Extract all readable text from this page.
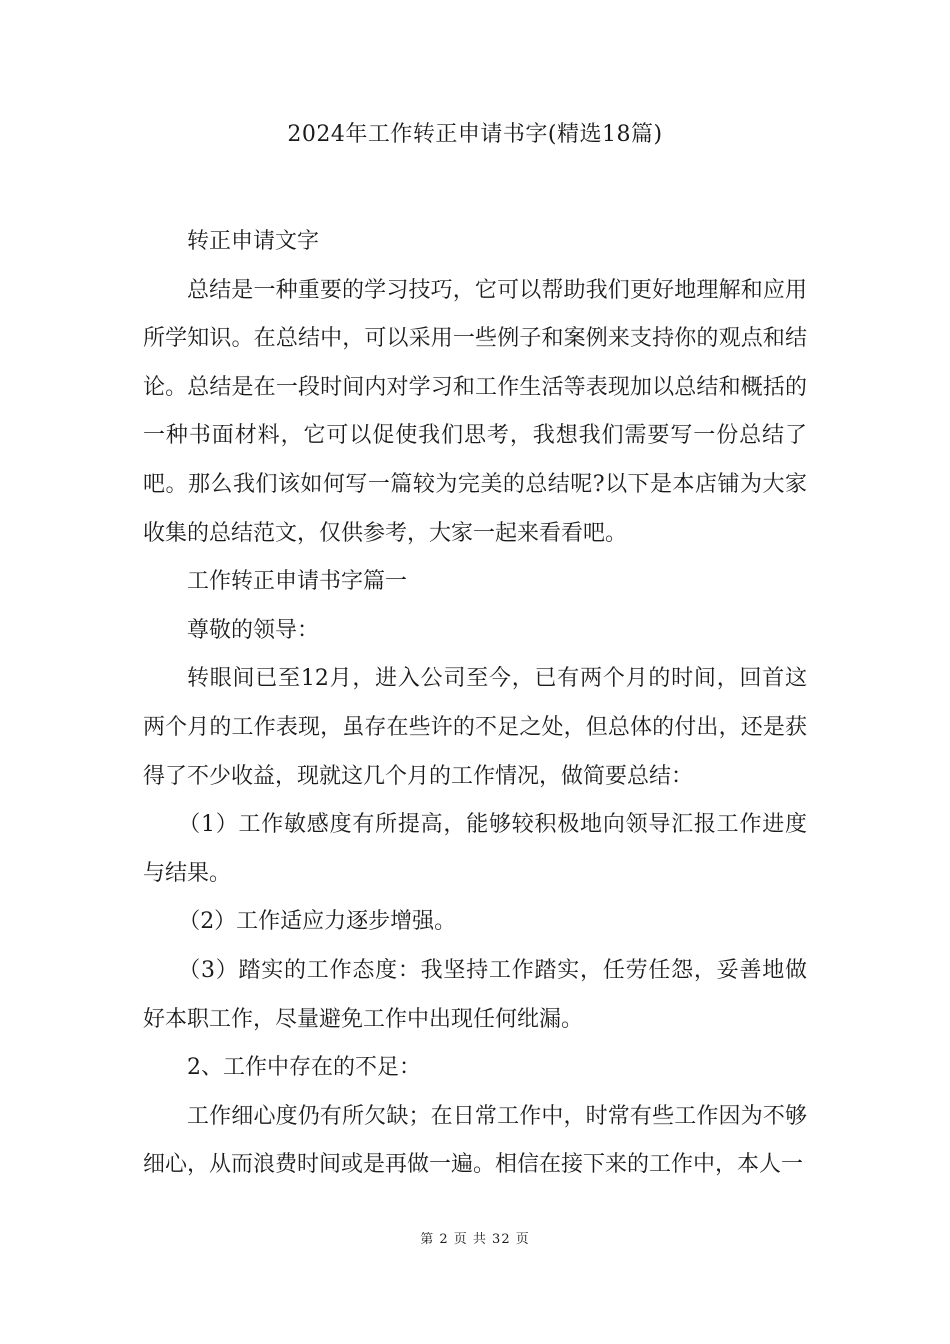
2024年工作转正申请书字(精选18篇)

转正申请文字

总结是一种重要的学习技巧，它可以帮助我们更好地理解和应用所学知识。在总结中，可以采用一些例子和案例来支持你的观点和结论。总结是在一段时间内对学习和工作生活等表现加以总结和概括的一种书面材料，它可以促使我们思考，我想我们需要写一份总结了吧。那么我们该如何写一篇较为完美的总结呢?以下是本店铺为大家收集的总结范文，仅供参考，大家一起来看看吧。

工作转正申请书字篇一

尊敬的领导：

转眼间已至12月，进入公司至今，已有两个月的时间，回首这两个月的工作表现，虽存在些许的不足之处，但总体的付出，还是获得了不少收益，现就这几个月的工作情况，做简要总结：

（1）工作敏感度有所提高，能够较积极地向领导汇报工作进度与结果。

（2）工作适应力逐步增强。

（3）踏实的工作态度：我坚持工作踏实，任劳任怨，妥善地做好本职工作，尽量避免工作中出现任何纰漏。

2、工作中存在的不足：

工作细心度仍有所欠缺；在日常工作中，时常有些工作因为不够细心，从而浪费时间或是再做一遍。相信在接下来的工作中，本人一

第 2 页 共 32 页
